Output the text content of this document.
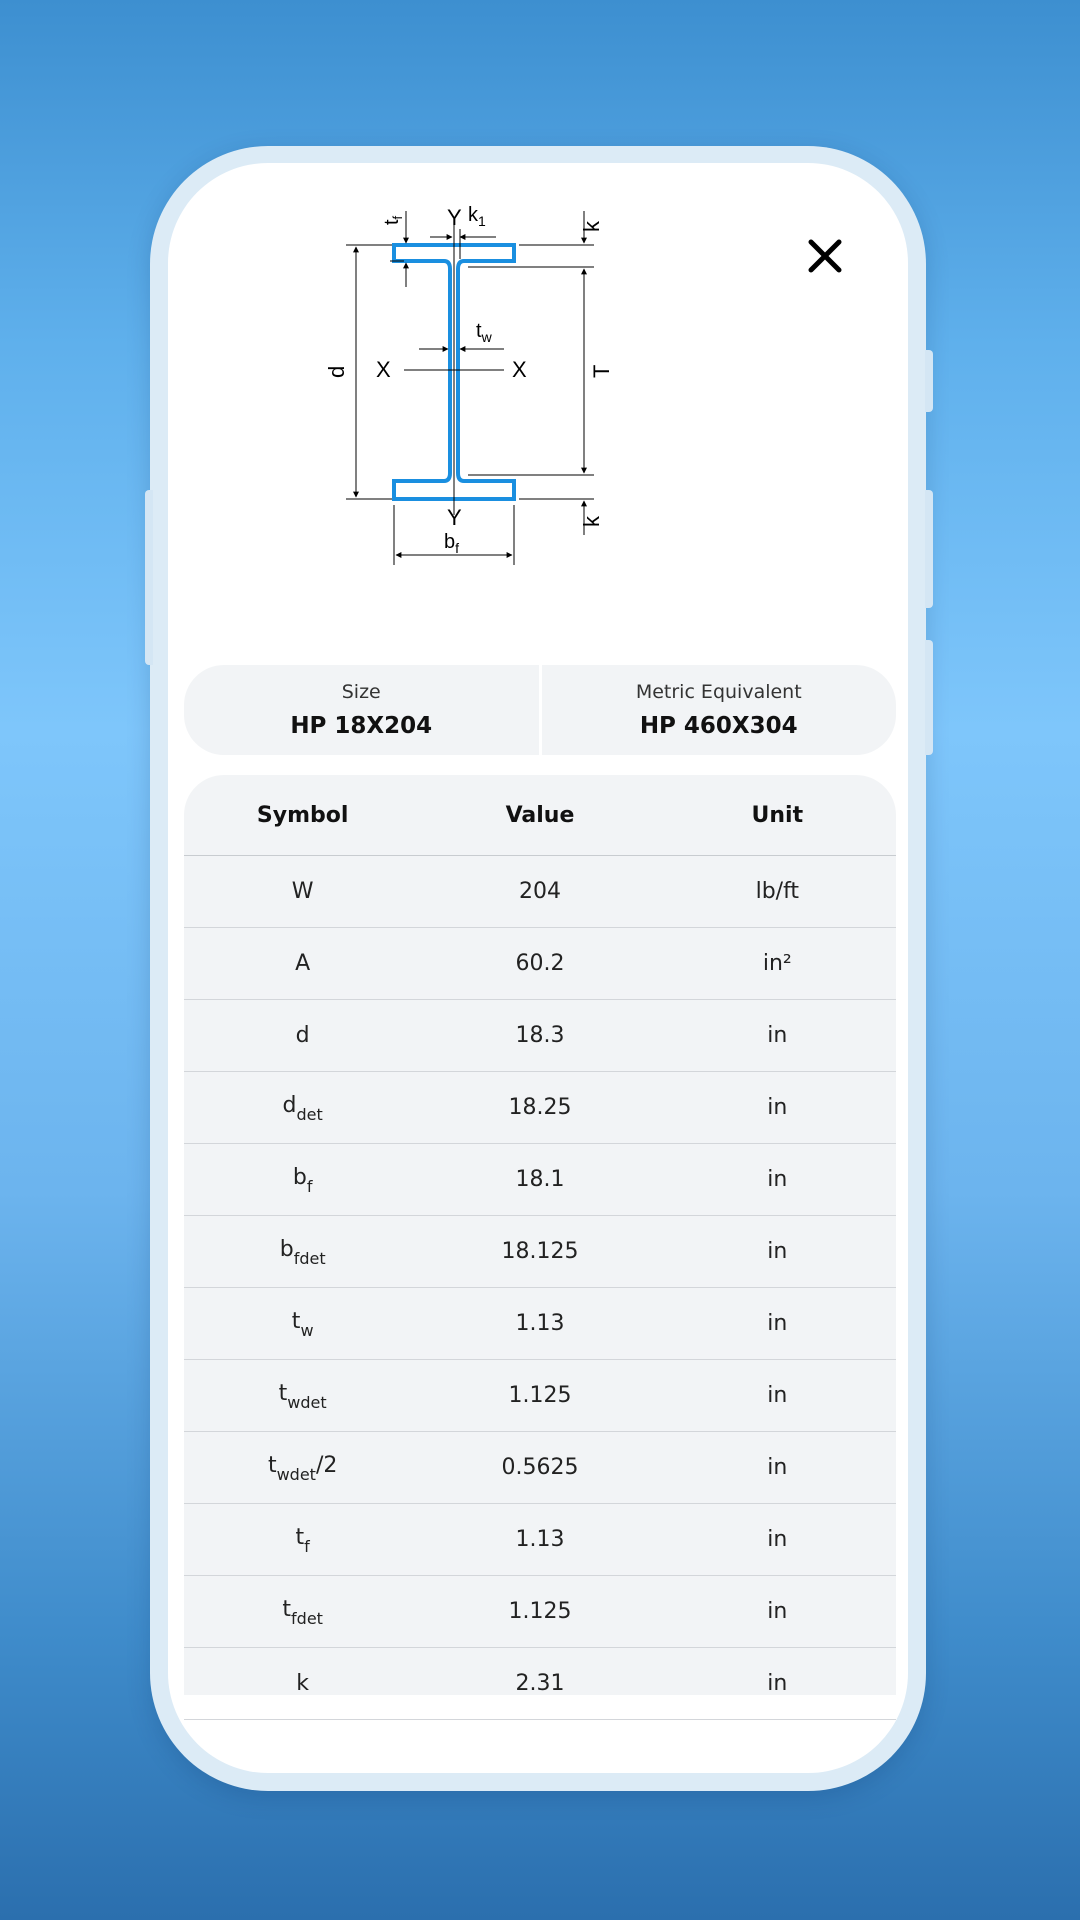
Y
Y
X	X
d	T
k
k
$t_f$
$t_w$
$k_1$
$b_f$
Size
HP 18X204
Metric Equivalent
HP 460X304
Symbol	Value	Unit
W	204	lb/ft
A	60.2	in²
d	18.3	in
$d_{det}$	18.25	in
$b_f$	18.1	in
$b_{fdet}$	18.125	in
$t_w$	1.13	in
$t_{wdet}$	1.125	in
$t_{wdet}/2$	0.5625	in
$t_f$	1.13	in
$t_{fdet}$	1.125	in
k	2.31	in
